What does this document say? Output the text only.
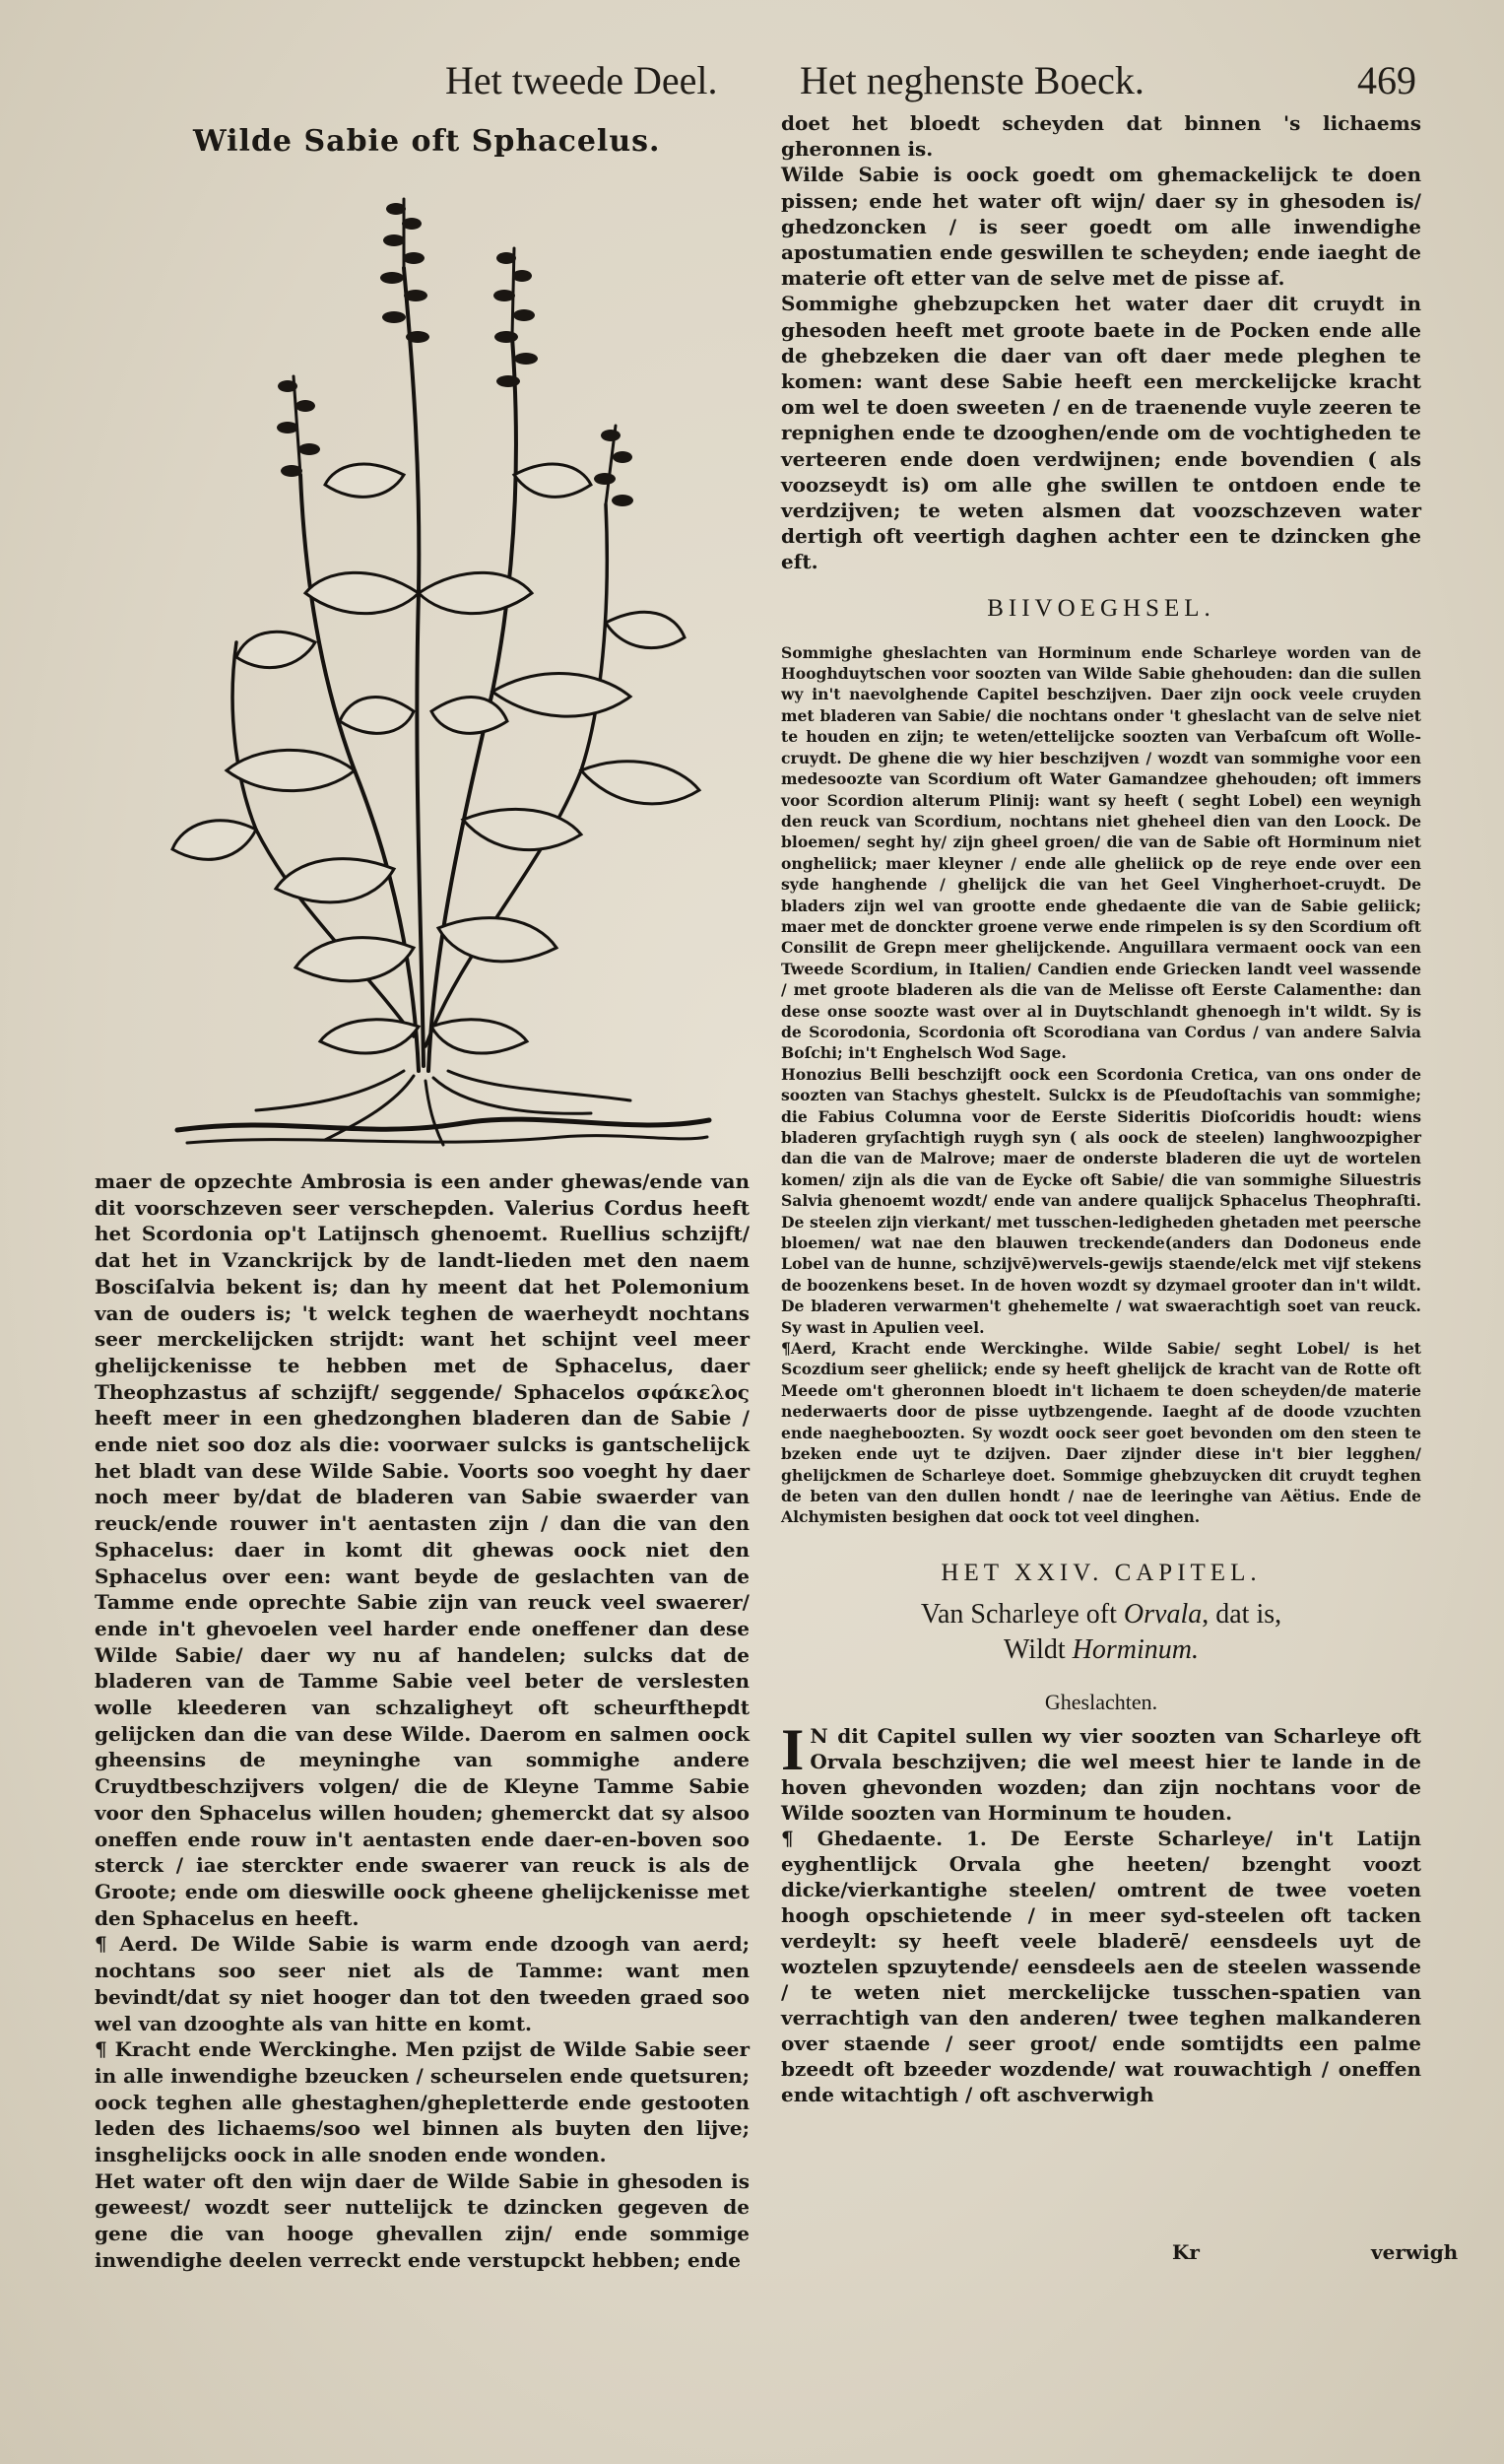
Het tweede Deel. Het neghenste Boeck.	469
Wilde Sabie oft Sphacelus.

maer de opzechte Ambrosia is een ander ghewas/ende van dit voorschzeven seer verschepden. Valerius Cordus heeft het Scordonia op't Latijnsch ghenoemt. Ruellius schzijft/ dat het in Vzanckrijck by de landt-lieden met den naem Bosciſalvia bekent is; dan hy meent dat het Polemonium van de ouders is; 't welck teghen de waerheydt nochtans seer merckelijcken strijdt: want het schijnt veel meer ghelijckenisse te hebben met de Sphacelus, daer Theophzastus af schzijft/ seggende/ Sphacelos σφάκελος heeft meer in een ghedzonghen bladeren dan de Sabie / ende niet soo doz als die: voorwaer sulcks is gantschelijck het bladt van dese Wilde Sabie. Voorts soo voeght hy daer noch meer by/dat de bladeren van Sabie swaerder van reuck/ende rouwer in't aentasten zijn / dan die van den Sphacelus: daer in komt dit ghewas oock niet den Sphacelus over een: want beyde de geslachten van de Tamme ende oprechte Sabie zijn van reuck veel swaerer/ ende in't ghevoelen veel harder ende oneffener dan dese Wilde Sabie/ daer wy nu af handelen; sulcks dat de bladeren van de Tamme Sabie veel beter de verslesten wolle kleederen van schzaligheyt oft scheurfthepdt gelijcken dan die van dese Wilde. Daerom en salmen oock gheensins de meyninghe van sommighe andere Cruydtbeschzijvers volgen/ die de Kleyne Tamme Sabie voor den Sphacelus willen houden; ghemerckt dat sy alsoo oneffen ende rouw in't aentasten ende daer-en-boven soo sterck / iae sterckter ende swaerer van reuck is als de Groote; ende om dieswille oock gheene ghelijckenisse met den Sphacelus en heeft.

¶ Aerd. De Wilde Sabie is warm ende dzoogh van aerd; nochtans soo seer niet als de Tamme: want men bevindt/dat sy niet hooger dan tot den tweeden graed soo wel van dzooghte als van hitte en komt.

¶ Kracht ende Werckinghe. Men pzijst de Wilde Sabie seer in alle inwendighe bzeucken / scheurselen ende quetsuren; oock teghen alle ghestaghen/ghepletterde ende gestooten leden des lichaems/soo wel binnen als buyten den lijve; insghelijcks oock in alle snoden ende wonden.

Het water oft den wijn daer de Wilde Sabie in ghesoden is geweest/ wozdt seer nuttelijck te dzincken gegeven de gene die van hooge ghevallen zijn/ ende sommige inwendighe deelen verreckt ende verstupckt hebben; ende

doet het bloedt scheyden dat binnen 's lichaems gheronnen is.

Wilde Sabie is oock goedt om ghemackelijck te doen pissen; ende het water oft wijn/ daer sy in ghesoden is/ ghedzoncken / is seer goedt om alle inwendighe apostumatien ende geswillen te scheyden; ende iaeght de materie oft etter van de selve met de pisse af.

Sommighe ghebzupcken het water daer dit cruydt in ghesoden heeft met groote baete in de Pocken ende alle de ghebzeken die daer van oft daer mede pleghen te komen: want dese Sabie heeft een merckelijcke kracht om wel te doen sweeten / en de traenende vuyle zeeren te repnighen ende te dzooghen/ende om de vochtigheden te verteeren ende doen verdwijnen; ende bovendien ( als voozseydt is) om alle ghe swillen te ontdoen ende te verdzijven; te weten alsmen dat voozschzeven water dertigh oft veertigh daghen achter een te dzincken ghe eft.

BIIVOEGHSEL.

Sommighe gheslachten van Horminum ende Scharleye worden van de Hooghduytschen voor soozten van Wilde Sabie ghehouden: dan die sullen wy in't naevolghende Capitel beschzijven. Daer zijn oock veele cruyden met bladeren van Sabie/ die nochtans onder 't gheslacht van de selve niet te houden en zijn; te weten/ettelijcke soozten van Verbaſcum oft Wolle-cruydt. De ghene die wy hier beschzijven / wozdt van sommighe voor een medesoozte van Scordium oft Water Gamandzee ghehouden; oft immers voor Scordion alterum Plinij: want sy heeft ( seght Lobel) een weynigh den reuck van Scordium, nochtans niet gheheel dien van den Loock. De bloemen/ seght hy/ zijn gheel groen/ die van de Sabie oft Horminum niet ongheliick; maer kleyner / ende alle gheliick op de reye ende over een syde hanghende / ghelijck die van het Geel Vingherhoet-cruydt. De bladers zijn wel van grootte ende ghedaente die van de Sabie geliick; maer met de donckter groene verwe ende rimpelen is sy den Scordium oft Consilit de Grepn meer ghelijckende. Anguillara vermaent oock van een Tweede Scordium, in Italien/ Candien ende Griecken landt veel wassende / met groote bladeren als die van de Melisse oft Eerste Calamenthe: dan dese onse soozte wast over al in Duytschlandt ghenoegh in't wildt. Sy is de Scorodonia, Scordonia oft Scorodiana van Cordus / van andere Salvia Boſchi; in't Enghelsch Wod Sage.

Honozius Belli beschzijft oock een Scordonia Cretica, van ons onder de soozten van Stachys ghestelt. Sulckx is de Pſeudoſtachis van sommighe; die Fabius Columna voor de Eerste Sideritis Dioſcoridis houdt: wiens bladeren gryſachtigh ruygh syn ( als oock de steelen) langhwoozpigher dan die van de Malrove; maer de onderste bladeren die uyt de wortelen komen/ zijn als die van de Eycke oft Sabie/ die van sommighe Siluestris Salvia ghenoemt wozdt/ ende van andere qualijck Sphacelus Theophraſti. De steelen zijn vierkant/ met tusschen-ledigheden ghetaden met peersche bloemen/ wat nae den blauwen treckende(anders dan Dodoneus ende Lobel van de hunne, schzijvē)wervels-gewijs staende/elck met vijf stekens de boozenkens beset. In de hoven wozdt sy dzymael grooter dan in't wildt. De bladeren verwarmen't ghehemelte / wat swaerachtigh soet van reuck. Sy wast in Apulien veel.

¶Aerd, Kracht ende Werckinghe. Wilde Sabie/ seght Lobel/ is het Scozdium seer gheliick; ende sy heeft ghelijck de kracht van de Rotte oft Meede om't gheronnen bloedt in't lichaem te doen scheyden/de materie nederwaerts door de pisse uytbzengende. Iaeght af de doode vzuchten ende naegheboozten. Sy wozdt oock seer goet bevonden om den steen te bzeken ende uyt te dzijven. Daer zijnder diese in't bier legghen/ ghelijckmen de Scharleye doet. Sommige ghebzuycken dit cruydt teghen de beten van den dullen hondt / nae de leeringhe van Aëtius. Ende de Alchymisten besighen dat oock tot veel dinghen.

HET XXIV. CAPITEL.
Van Scharleye oft Orvala, dat is,
Wildt Horminum.
Gheslachten.

I N dit Capitel sullen wy vier soozten van Scharleye oft Orvala beschzijven; die wel meest hier te lande in de hoven ghevonden wozden; dan zijn nochtans voor de Wilde soozten van Horminum te houden.

¶ Ghedaente. 1. De Eerste Scharleye/ in't Latijn eyghentlijck Orvala ghe heeten/ bzenght voozt dicke/vierkantighe steelen/ omtrent de twee voeten hoogh opschietende / in meer syd-steelen oft tacken verdeylt: sy heeft veele bladerē/ eensdeels uyt de woztelen spzuytende/ eensdeels aen de steelen wassende / te weten niet merckelijcke tusschen-spatien van verrachtigh van den anderen/ twee teghen malkanderen over staende / seer groot/ ende somtijdts een palme bzeedt oft bzeeder wozdende/ wat rouwachtigh / oneffen ende witachtigh / oft aschverwigh

Kr	verwigh
